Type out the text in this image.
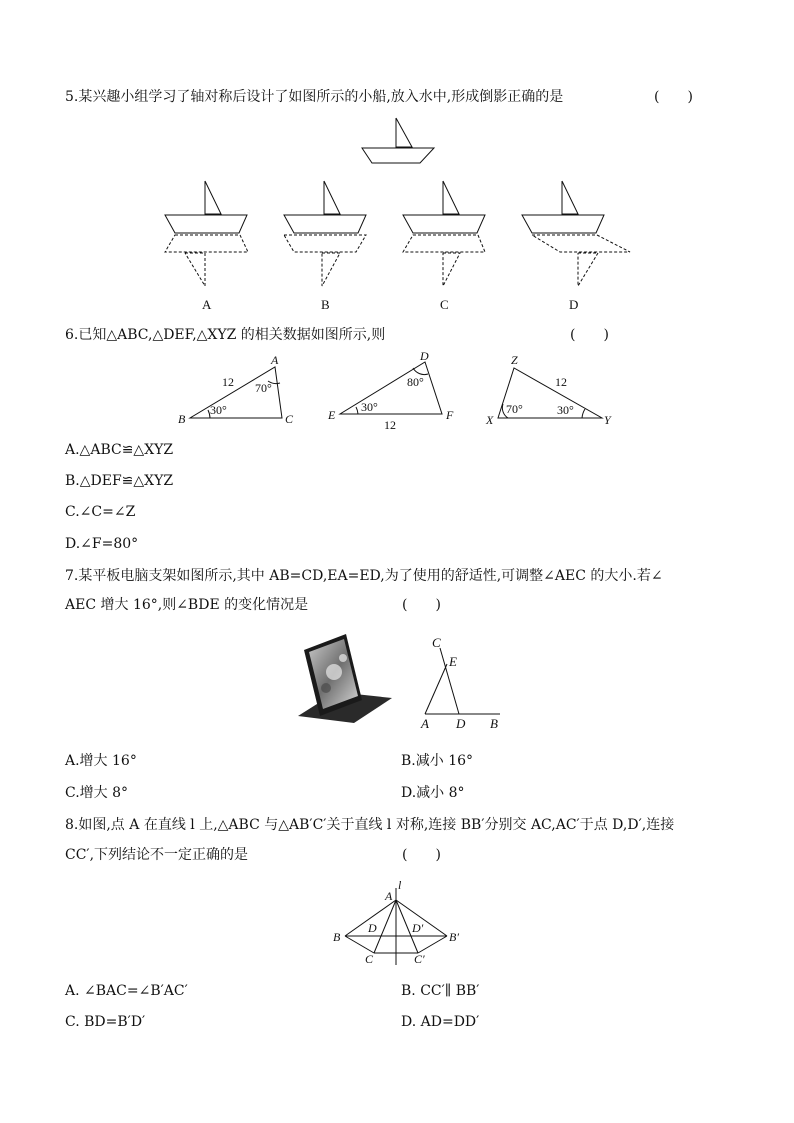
5.某兴趣小组学习了轴对称后设计了如图所示的小船,放入水中,形成倒影正确的是	(　　)
A	B	C	D
6.已知△ABC,△DEF,△XYZ 的相关数据如图所示,则	(　　)
A
B	C
D
E	F	X	Y
Z
12 70°
30°
80°
30°
12
12
70°	30°
A.△ABC≌△XYZ
B.△DEF≌△XYZ
C.∠C=∠Z
D.∠F=80°
7.某平板电脑支架如图所示,其中 AB=CD,EA=ED,为了使用的舒适性,可调整∠AEC 的大小.若∠
AEC 增大 16°,则∠BDE 的变化情况是	(　　)
C
E
A D B
A.增大 16°	B.减小 16°
C.增大 8°	D.减小 8°
8.如图,点 A 在直线 l 上,△ABC 与△AB′C′关于直线 l 对称,连接 BB′分别交 AC,AC′于点 D,D′,连接
CC′,下列结论不一定正确的是	(　　)
l
A
B
D	D′
B′
C	C′
A. ∠BAC=∠B′AC′	B. CC′∥ BB′
C. BD=B′D′	D. AD=DD′
